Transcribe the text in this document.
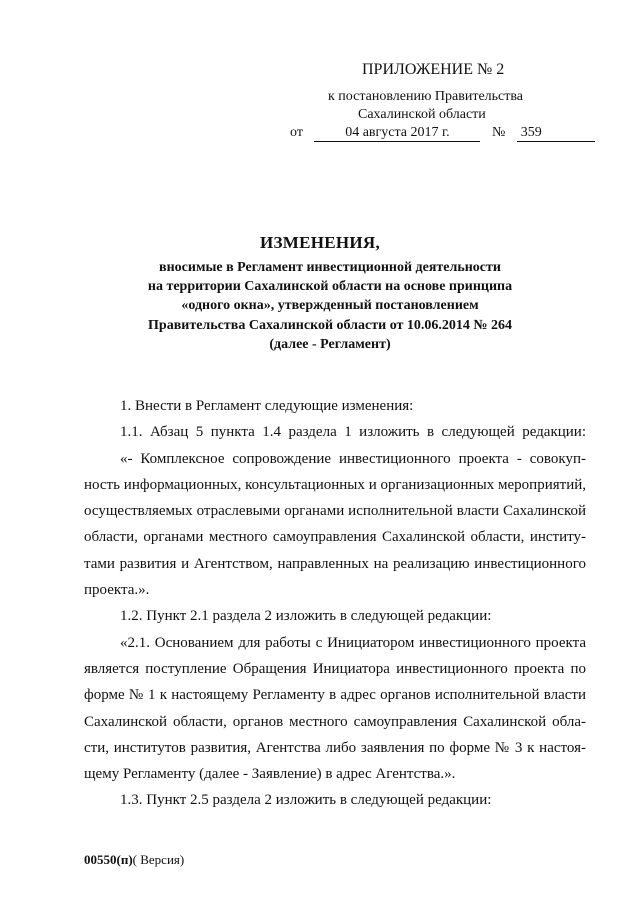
ПРИЛОЖЕНИЕ № 2
к постановлению Правительства
Сахалинской области
от	04 августа 2017 г.	№ 359
ИЗМЕНЕНИЯ,
вносимые в Регламент инвестиционной деятельности
на территории Сахалинской области на основе принципа
«одного окна», утвержденный постановлением
Правительства Сахалинской области от 10.06.2014 № 264
(далее - Регламент)
1. Внести в Регламент следующие изменения:
1.1. Абзац 5 пункта 1.4 раздела 1 изложить в следующей редакции:
«- Комплексное сопровождение инвестиционного проекта - совокуп-
ность информационных, консультационных и организационных мероприятий,
осуществляемых отраслевыми органами исполнительной власти Сахалинской
области, органами местного самоуправления Сахалинской области, институ-
тами развития и Агентством, направленных на реализацию инвестиционного
проекта.».
1.2. Пункт 2.1 раздела 2 изложить в следующей редакции:
«2.1. Основанием для работы с Инициатором инвестиционного проекта
является поступление Обращения Инициатора инвестиционного проекта по
форме № 1 к настоящему Регламенту в адрес органов исполнительной власти
Сахалинской области, органов местного самоуправления Сахалинской обла-
сти, институтов развития, Агентства либо заявления по форме № 3 к настоя-
щему Регламенту (далее - Заявление) в адрес Агентства.».
1.3. Пункт 2.5 раздела 2 изложить в следующей редакции:
00550(п)( Версия)
